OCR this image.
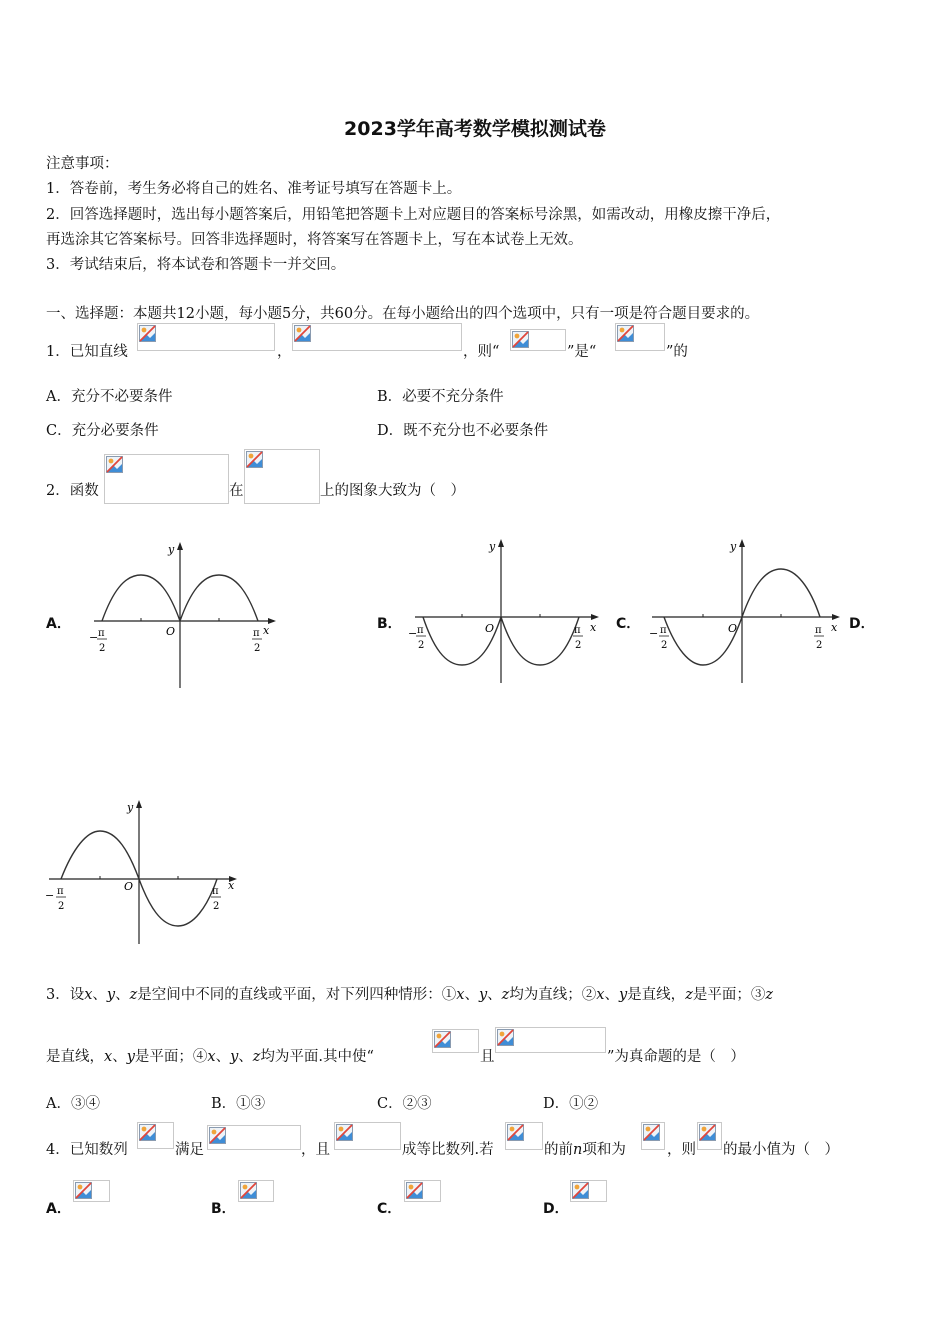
2023学年高考数学模拟测试卷
注意事项：
1．答卷前，考生务必将自己的姓名、准考证号填写在答题卡上。
2．回答选择题时，选出每小题答案后，用铅笔把答题卡上对应题目的答案标号涂黑，如需改动，用橡皮擦干净后，
再选涂其它答案标号。回答非选择题时，将答案写在答题卡上，写在本试卷上无效。
3．考试结束后，将本试卷和答题卡一并交回。
一、选择题：本题共12小题，每小题5分，共60分。在每小题给出的四个选项中，只有一项是符合题目要求的。
1．已知直线	，	，则“	”是“	”的
A．充分不必要条件	B．必要不充分条件
C．充分必要条件	D．既不充分也不必要条件
2．函数	在	上的图象大致为（　）
A．	B．	C．	D．
x
y
O
− π
2
π
2
x
y
O
− π
2
π
2
x
y
O
− π
2
π
2
x
y
O
− π
2
π
2
3．设x、y、z是空间中不同的直线或平面，对下列四种情形：①x、y、z均为直线；②x、y是直线，z是平面；③z
是直线，x、y是平面；④x、y、z均为平面.其中使“	且	”为真命题的是（　）
A．③④	B．①③	C．②③	D．①②
4．已知数列	满足	，且	成等比数列.若	的前n项和为	，则 的最小值为（　）
A．	B．	C．	D．
